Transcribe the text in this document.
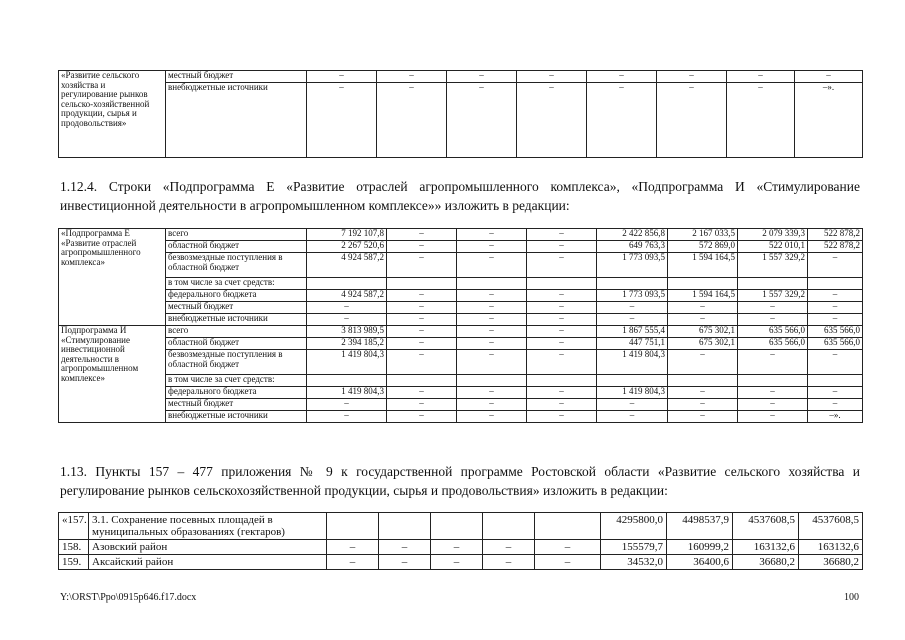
«Развитие сельского хозяйства и регулирование рынков сельско-хозяйственной продукции, сырья и продовольствия»	местный бюджет	–	–	–	–	–	–	–	–
	внебюджетные источники	–	–	–	–	–	–	–	–».
1.12.4. Строки «Подпрограмма Е «Развитие отраслей агропромышленного комплекса», «Подпрограмма И «Стимулирование инвестиционной деятельности в агропромышленном комплексе»» изложить в редакции:
«Подпрограмма Е «Развитие отраслей агропромышленного комплекса»	всего	7 192 107,8	–	–	–	2 422 856,8	2 167 033,5	2 079 339,3	522 878,2
	областной бюджет	2 267 520,6	–	–	–	649 763,3	572 869,0	522 010,1	522 878,2
	безвозмездные поступления в областной бюджет	4 924 587,2	–	–	–	1 773 093,5	1 594 164,5	1 557 329,2	–
	в том числе за счет средств:								
	федерального бюджета	4 924 587,2	–	–	–	1 773 093,5	1 594 164,5	1 557 329,2	–
	местный бюджет	–	–	–	–	–	–	–	–
	внебюджетные источники	–	–	–	–	–	–	–	–
Подпрограмма И «Стимулирование инвестиционной деятельности в агропромышленном комплексе»	всего	3 813 989,5	–	–	–	1 867 555,4	675 302,1	635 566,0	635 566,0
	областной бюджет	2 394 185,2	–	–	–	447 751,1	675 302,1	635 566,0	635 566,0
	безвозмездные поступления в областной бюджет	1 419 804,3	–	–	–	1 419 804,3	–	–	–
	в том числе за счет средств:								
	федерального бюджета	1 419 804,3	–	–	–	1 419 804,3	–	–	–
	местный бюджет	–	–	–	–	–	–	–	–
	внебюджетные источники	–	–	–	–	–	–	–	–».
1.13. Пункты 157 – 477 приложения № 9 к государственной программе Ростовской области «Развитие сельского хозяйства и регулирование рынков сельскохозяйственной продукции, сырья и продовольствия» изложить в редакции:
«157.	3.1. Сохранение посевных площадей в муниципальных образованиях (гектаров)						4295800,0	4498537,9	4537608,5	4537608,5	
158.	Азовский район	–	–	–	–	–	155579,7	160999,2	163132,6	163132,6	
159.	Аксайский район	–	–	–	–	–	34532,0	36400,6	36680,2	36680,2	
Y:\ORST\Ppo\0915p646.f17.docx	100
